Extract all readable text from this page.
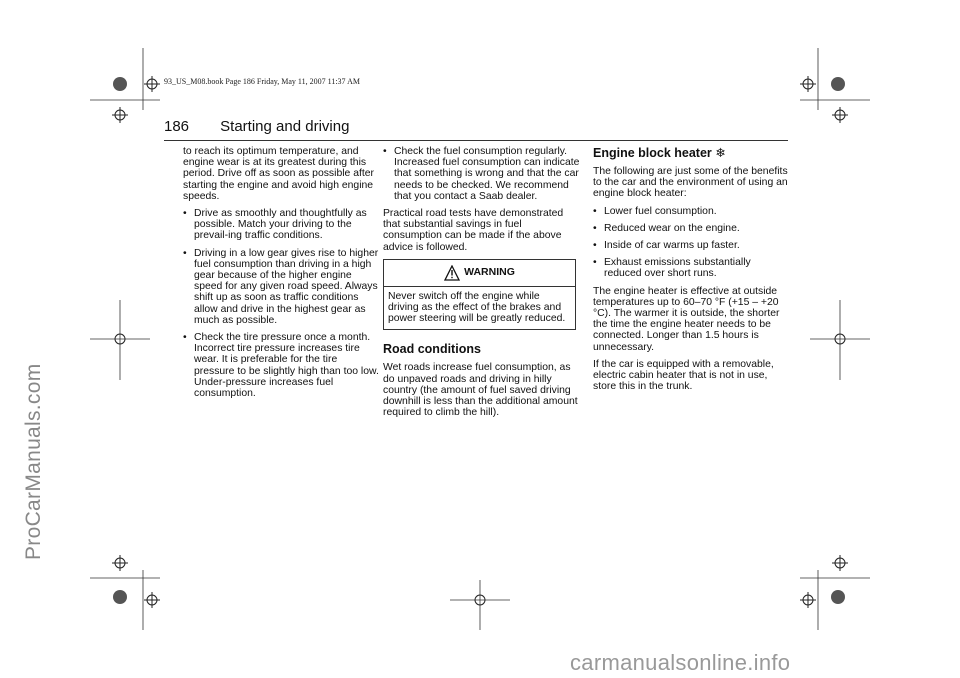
93_US_M08.book Page 186 Friday, May 11, 2007 11:37 AM
ProCarManuals.com
186 Starting and driving

to reach its optimum temperature, and engine wear is at its greatest during this period. Drive off as soon as possible after starting the engine and avoid high engine speeds.

• Drive as smoothly and thoughtfully as possible. Match your driving to the prevail-ing traffic conditions.
• Driving in a low gear gives rise to higher fuel consumption than driving in a high gear because of the higher engine speed for any given road speed. Always shift up as soon as traffic conditions allow and drive in the highest gear as much as possible.
• Check the tire pressure once a month. Incorrect tire pressure increases tire wear. It is preferable for the tire pressure to be slightly high than too low. Under-pressure increases fuel consumption.
• Check the fuel consumption regularly. Increased fuel consumption can indicate that something is wrong and that the car needs to be checked. We recommend that you contact a Saab dealer.

Practical road tests have demonstrated that substantial savings in fuel consumption can be made if the above advice is followed.

WARNING
Never switch off the engine while driving as the effect of the brakes and power steering will be greatly reduced.
Road conditions

Wet roads increase fuel consumption, as do unpaved roads and driving in hilly country (the amount of fuel saved driving downhill is less than the additional amount required to climb the hill).

Engine block heater ❄

The following are just some of the benefits to the car and the environment of using an engine block heater:

• Lower fuel consumption.
• Reduced wear on the engine.
• Inside of car warms up faster.
• Exhaust emissions substantially reduced over short runs.

The engine heater is effective at outside temperatures up to 60–70 °F (+15 – +20 °C). The warmer it is outside, the shorter the time the engine heater needs to be connected. Longer than 1.5 hours is unnecessary.

If the car is equipped with a removable, electric cabin heater that is not in use, store this in the trunk.

carmanualsonline.info
